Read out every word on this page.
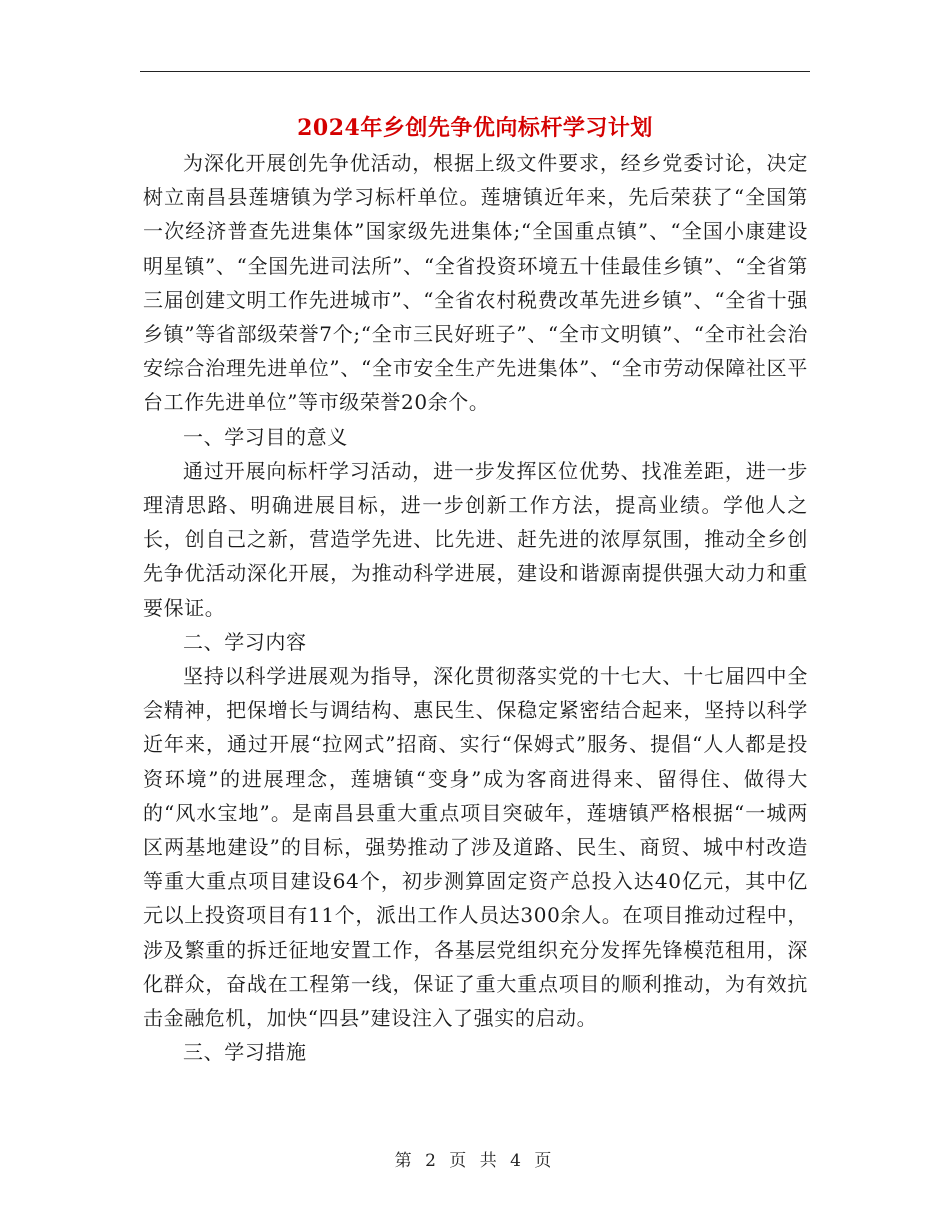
2024年乡创先争优向标杆学习计划

为深化开展创先争优活动，根据上级文件要求，经乡党委讨论，决定树立南昌县莲塘镇为学习标杆单位。莲塘镇近年来，先后荣获了“全国第一次经济普查先进集体”国家级先进集体;“全国重点镇”、“全国小康建设明星镇”、“全国先进司法所”、“全省投资环境五十佳最佳乡镇”、“全省第三届创建文明工作先进城市”、“全省农村税费改革先进乡镇”、“全省十强乡镇”等省部级荣誉7个;“全市三民好班子”、“全市文明镇”、“全市社会治安综合治理先进单位”、“全市安全生产先进集体”、“全市劳动保障社区平台工作先进单位”等市级荣誉20余个。

一、学习目的意义

通过开展向标杆学习活动，进一步发挥区位优势、找准差距，进一步理清思路、明确进展目标，进一步创新工作方法，提高业绩。学他人之长，创自己之新，营造学先进、比先进、赶先进的浓厚氛围，推动全乡创先争优活动深化开展，为推动科学进展，建设和谐源南提供强大动力和重要保证。

二、学习内容

坚持以科学进展观为指导，深化贯彻落实党的十七大、十七届四中全会精神，把保增长与调结构、惠民生、保稳定紧密结合起来，坚持以科学近年来，通过开展“拉网式”招商、实行“保姆式”服务、提倡“人人都是投资环境”的进展理念，莲塘镇“变身”成为客商进得来、留得住、做得大的“风水宝地”。是南昌县重大重点项目突破年，莲塘镇严格根据“一城两区两基地建设”的目标，强势推动了涉及道路、民生、商贸、城中村改造等重大重点项目建设64个，初步测算固定资产总投入达40亿元，其中亿元以上投资项目有11个，派出工作人员达300余人。在项目推动过程中，涉及繁重的拆迁征地安置工作，各基层党组织充分发挥先锋模范租用，深化群众，奋战在工程第一线，保证了重大重点项目的顺利推动，为有效抗击金融危机，加快“四县”建设注入了强实的启动。

三、学习措施

第 2 页 共 4 页
